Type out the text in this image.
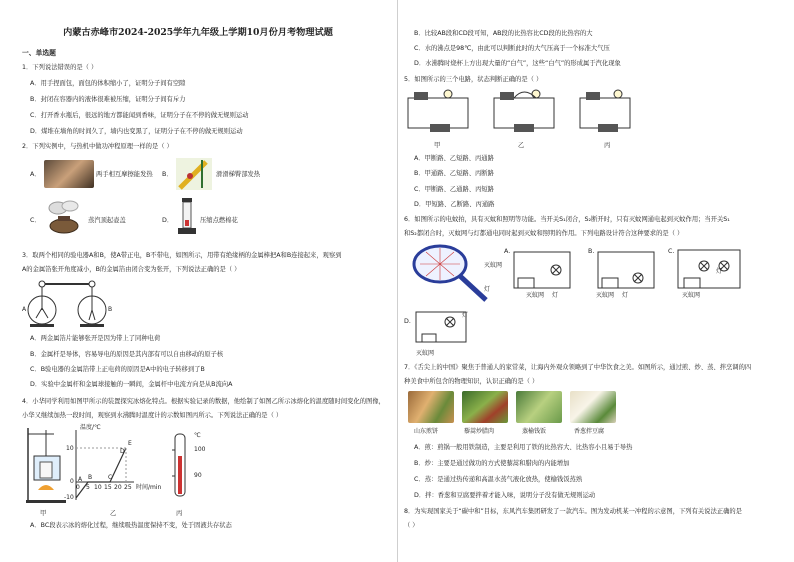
内蒙古赤峰市2024-2025学年九年级上学期10月份月考物理试题
一、单选题
1．下列说法错误的是（ ）
A．用手捏面包，面包的体积缩小了，证明分子间有空隙
B．封闭在容器内的液体很难被压缩，证明分子间有斥力
C．打开香水瓶后，很远的地方都能闻到香味，证明分子在不停的做无规则运动
D．煤堆在墙角的时间久了，墙内也变黑了，证明分子在不停的做无规则运动
2．下列实例中，与热机中做功冲程原理一样的是（ ）
A．	两手相互摩擦能发热 B．	滑滑梯臀部发热
C．	蒸汽顶起壶盖	D．	压缩点燃棉花
3．取两个相同的验电器A和B，使A带正电，B不带电，如图所示，用带有绝缘柄的金属棒把A和B连接起来，观察到
A的金属箔张开角度减小，B的金属箔由闭合变为张开，下列说法正确的是（ ）
A	B
A．两金属箔片能够张开是因为带上了同种电荷
B．金属杆是导体，容易导电的原因是其内部有可以自由移动的原子核
C．B验电器的金属箔带上正电荷的原因是A中的电子转移到了B
D．实验中金属杆和金属球接触的一瞬间，金属杆中电流方向是从B流向A
4．小华同学利用如图甲所示的装置探究冰熔化特点。根据实验记录的数据，他绘制了如图乙所示冰熔化的温度随时间变化的图像，
小华又继续加热一段时间，观察到水沸腾时温度计的示数如图丙所示。下列说法正确的是（ ）
温度/℃
10
0
-10
A B	C
D
E
0 5 10 15 20 25 时间/min
℃
100
90
甲	乙	丙
A．BC段表示冰的熔化过程，继续吸热温度保持不变，处于固液共存状态
B．比较AB段和CD段可知，AB段的比热容比CD段的比热容的大
C．水的沸点是98℃，由此可以判断此时的大气压高于一个标准大气压
D．水沸腾时烧杯上方出现大量的“白气”，这些“白气”的形成属于汽化现象
5．如图所示的三个电路，状态判断正确的是（ ）
甲	乙	丙
A．甲断路、乙短路、丙通路
B．甲通路、乙短路、丙断路
C．甲断路、乙通路、丙短路
D．甲短路、乙断路、丙通路
6．如图所示的电蚊拍，具有灭蚊和照明等功能。当开关S₁闭合，S₂断开时，只有灭蚊网通电起到灭蚊作用；当开关S₁
和S₂都闭合时，灭蚊网与灯都通电同时起到灭蚊和照明的作用。下列电路设计符合这种要求的是（ ）
灭蚊网
灯
A.	B.	C.
灭蚊网 灯	灭蚊网 灯	灭蚊网
灯
D.
灯
灭蚊网
7．《舌尖上的中国》聚焦于普通人的家常菜，让海内外观众领略到了中华饮食之美。如图所示，通过煎、炒、蒸、拌烹调的四
种美食中所包含的物理知识，认识正确的是（ ）
山东煎饼	藜蒿炒腊肉	蒸榆钱饭	香葱拌豆腐
A．煎：煎锅一般用铁制造，主要是利用了铁的比热容大、比热容小且易于导热
B．炒：主要是通过做功的方式使藜蒿和腊肉的内能增加
C．蒸：是通过热传递和高温水蒸气液化放热，使榆钱饭蒸熟
D．拌：香葱和豆腐要拌着才能入味，说明分子没有做无规则运动
8．为实现国家关于“碳中和”目标，东风汽车集团研发了一款汽车。图为发动机某一冲程的示意图，下列有关说法正确的是
（ ）
